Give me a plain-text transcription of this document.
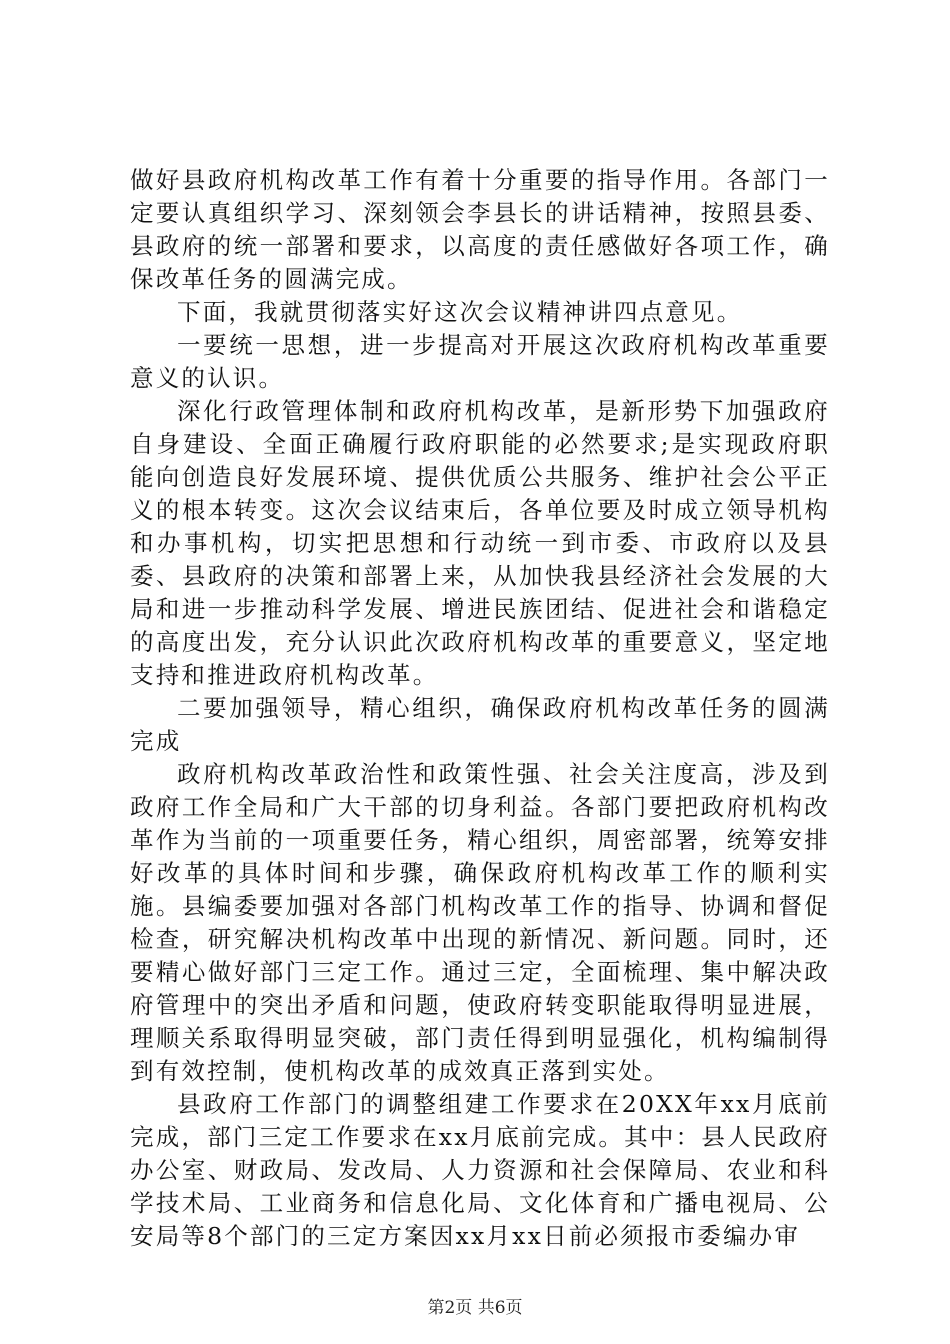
做好县政府机构改革工作有着十分重要的指导作用。各部门一定要认真组织学习、深刻领会李县长的讲话精神，按照县委、县政府的统一部署和要求，以高度的责任感做好各项工作，确保改革任务的圆满完成。

下面，我就贯彻落实好这次会议精神讲四点意见。

一要统一思想，进一步提高对开展这次政府机构改革重要意义的认识。

深化行政管理体制和政府机构改革，是新形势下加强政府自身建设、全面正确履行政府职能的必然要求;是实现政府职能向创造良好发展环境、提供优质公共服务、维护社会公平正义的根本转变。这次会议结束后，各单位要及时成立领导机构和办事机构，切实把思想和行动统一到市委、市政府以及县委、县政府的决策和部署上来，从加快我县经济社会发展的大局和进一步推动科学发展、增进民族团结、促进社会和谐稳定的高度出发，充分认识此次政府机构改革的重要意义，坚定地支持和推进政府机构改革。

二要加强领导，精心组织，确保政府机构改革任务的圆满完成

政府机构改革政治性和政策性强、社会关注度高，涉及到政府工作全局和广大干部的切身利益。各部门要把政府机构改革作为当前的一项重要任务，精心组织，周密部署，统筹安排好改革的具体时间和步骤，确保政府机构改革工作的顺利实施。县编委要加强对各部门机构改革工作的指导、协调和督促检查，研究解决机构改革中出现的新情况、新问题。同时，还要精心做好部门三定工作。通过三定，全面梳理、集中解决政府管理中的突出矛盾和问题，使政府转变职能取得明显进展，理顺关系取得明显突破，部门责任得到明显强化，机构编制得到有效控制，使机构改革的成效真正落到实处。

县政府工作部门的调整组建工作要求在20XX年xx月底前完成，部门三定工作要求在xx月底前完成。其中：县人民政府办公室、财政局、发改局、人力资源和社会保障局、农业和科学技术局、工业商务和信息化局、文化体育和广播电视局、公安局等8个部门的三定方案因xx月xx日前必须报市委编办审

第2页 共6页
